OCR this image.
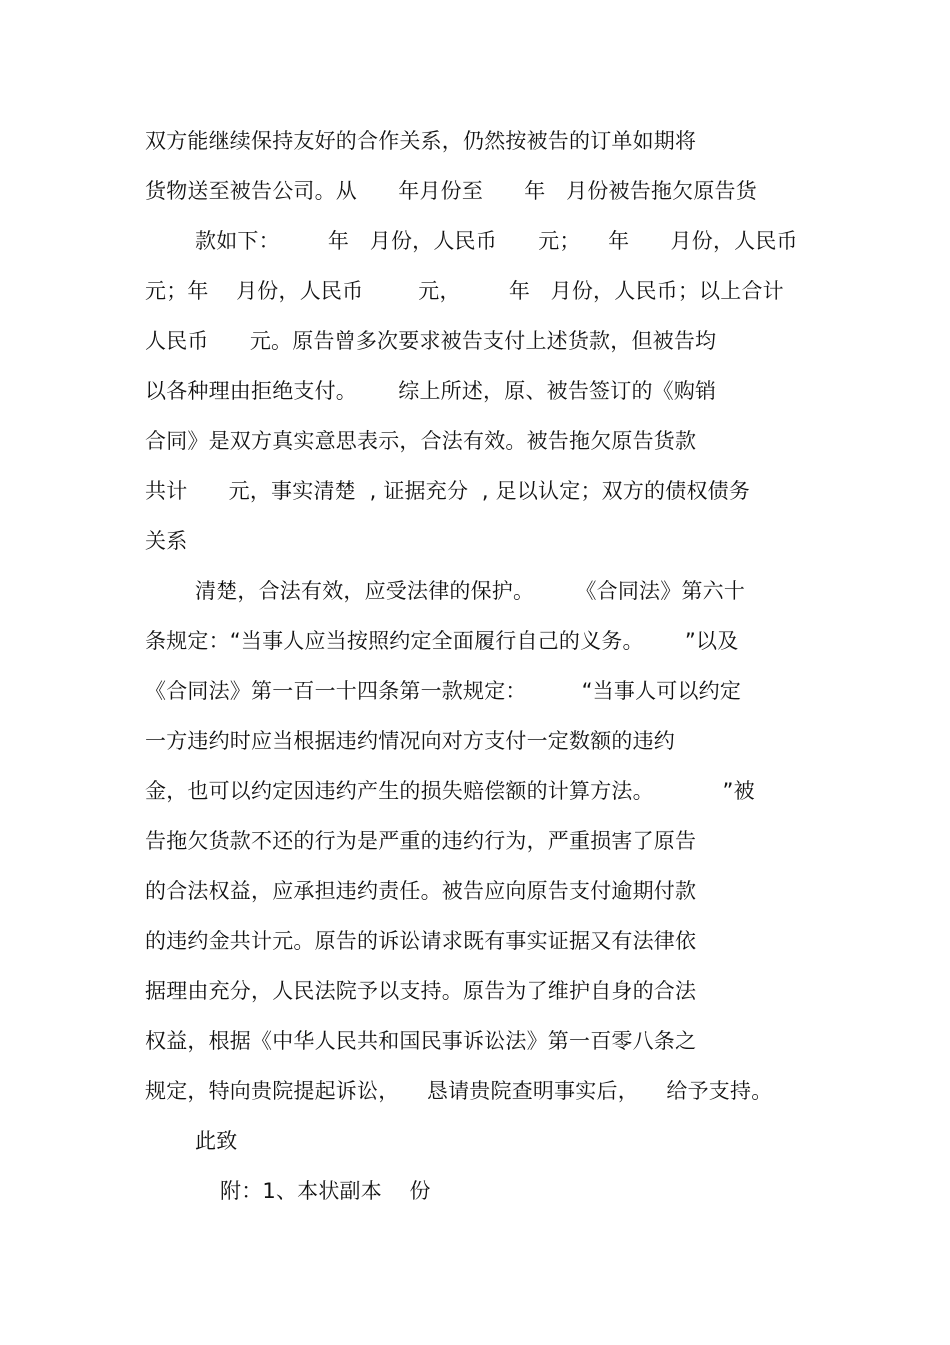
双方能继续保持友好的合作关系，仍然按被告的订单如期将
货物送至被告公司。从      年月份至      年   月份被告拖欠原告货
款如下：       年   月份，人民币      元；    年      月份，人民币
元；年    月份，人民币        元，       年   月份，人民币；以上合计
人民币      元。原告曾多次要求被告支付上述货款，但被告均
以各种理由拒绝支付。      综上所述，原、被告签订的《购销
合同》是双方真实意思表示，合法有效。被告拖欠原告货款
共计      元，事实清楚  , 证据充分  , 足以认定；双方的债权债务
关系
清楚，合法有效，应受法律的保护。      《合同法》第六十
条规定：“当事人应当按照约定全面履行自己的义务。      ”以及
《合同法》第一百一十四条第一款规定：        “当事人可以约定
一方违约时应当根据违约情况向对方支付一定数额的违约
金，也可以约定因违约产生的损失赔偿额的计算方法。          ”被
告拖欠货款不还的行为是严重的违约行为，严重损害了原告
的合法权益，应承担违约责任。被告应向原告支付逾期付款
的违约金共计元。原告的诉讼请求既有事实证据又有法律依
据理由充分，人民法院予以支持。原告为了维护自身的合法
权益，根据《中华人民共和国民事诉讼法》第一百零八条之
规定，特向贵院提起诉讼，    恳请贵院查明事实后，    给予支持。
此致
附：1、本状副本    份
